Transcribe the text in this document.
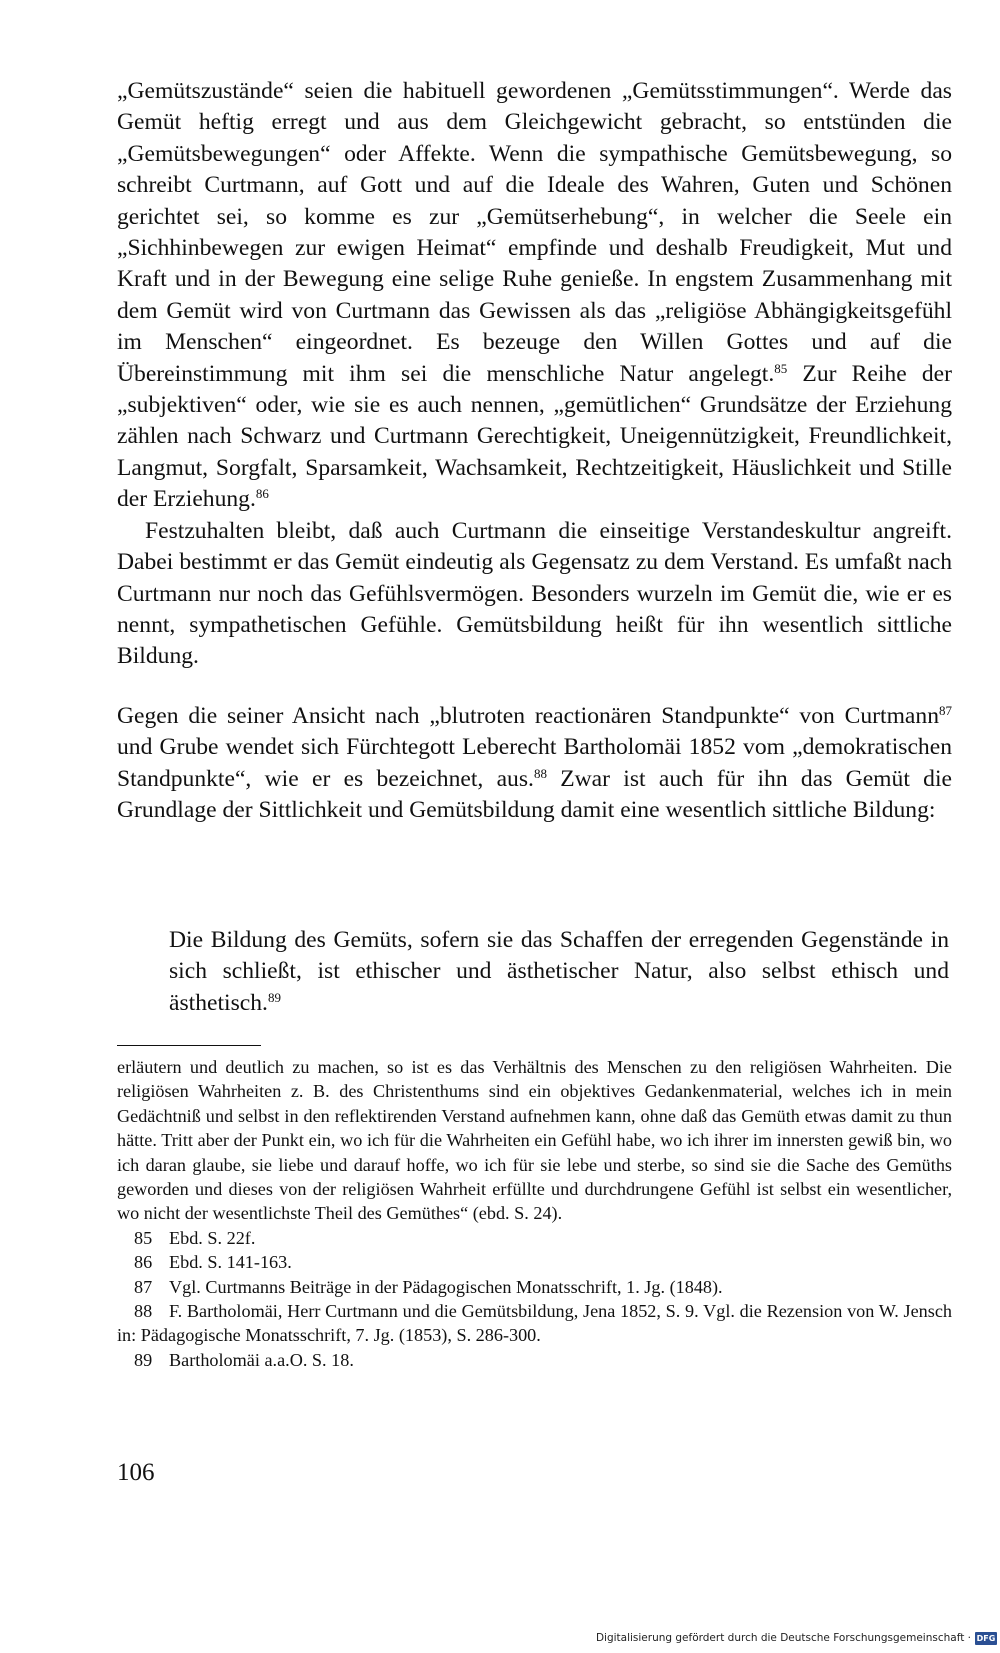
„Gemütszustände“ seien die habituell gewordenen „Gemütsstimmungen“. Werde das Gemüt heftig erregt und aus dem Gleichgewicht gebracht, so entstünden die „Gemütsbewegungen“ oder Affekte. Wenn die sympathische Gemütsbewegung, so schreibt Curtmann, auf Gott und auf die Ideale des Wahren, Guten und Schönen gerichtet sei, so komme es zur „Gemütserhebung“, in welcher die Seele ein „Sichhinbewegen zur ewigen Heimat“ empfinde und deshalb Freudigkeit, Mut und Kraft und in der Bewegung eine selige Ruhe genieße. In engstem Zusammenhang mit dem Gemüt wird von Curtmann das Gewissen als das „religiöse Abhängigkeitsgefühl im Menschen“ eingeordnet. Es bezeuge den Willen Gottes und auf die Übereinstimmung mit ihm sei die menschliche Natur angelegt.$^{85}$ Zur Reihe der „subjektiven“ oder, wie sie es auch nennen, „gemütlichen“ Grundsätze der Erziehung zählen nach Schwarz und Curtmann Gerechtigkeit, Uneigennützigkeit, Freundlichkeit, Langmut, Sorgfalt, Sparsamkeit, Wachsamkeit, Rechtzeitigkeit, Häuslichkeit und Stille der Erziehung.$^{86}$

Festzuhalten bleibt, daß auch Curtmann die einseitige Verstandeskultur angreift. Dabei bestimmt er das Gemüt eindeutig als Gegensatz zu dem Verstand. Es umfaßt nach Curtmann nur noch das Gefühlsvermögen. Besonders wurzeln im Gemüt die, wie er es nennt, sympathetischen Gefühle. Gemütsbildung heißt für ihn wesentlich sittliche Bildung.

Gegen die seiner Ansicht nach „blutroten reactionären Standpunkte“ von Curtmann$^{87}$ und Grube wendet sich Fürchtegott Leberecht Bartholomäi 1852 vom „demokratischen Standpunkte“, wie er es bezeichnet, aus.$^{88}$ Zwar ist auch für ihn das Gemüt die Grundlage der Sittlichkeit und Gemütsbildung damit eine wesentlich sittliche Bildung:

Die Bildung des Gemüts, sofern sie das Schaffen der erregenden Gegenstände in sich schließt, ist ethischer und ästhetischer Natur, also selbst ethisch und ästhetisch.$^{89}$

erläutern und deutlich zu machen, so ist es das Verhältnis des Menschen zu den religiösen Wahrheiten. Die religiösen Wahrheiten z. B. des Christenthums sind ein objektives Gedankenmaterial, welches ich in mein Gedächtniß und selbst in den reflektirenden Verstand aufnehmen kann, ohne daß das Gemüth etwas damit zu thun hätte. Tritt aber der Punkt ein, wo ich für die Wahrheiten ein Gefühl habe, wo ich ihrer im innersten gewiß bin, wo ich daran glaube, sie liebe und darauf hoffe, wo ich für sie lebe und sterbe, so sind sie die Sache des Gemüths geworden und dieses von der religiösen Wahrheit erfüllte und durchdrungene Gefühl ist selbst ein wesentlicher, wo nicht der wesentlichste Theil des Gemüthes“ (ebd. S. 24).

85 Ebd. S. 22f.

86 Ebd. S. 141-163.

87 Vgl. Curtmanns Beiträge in der Pädagogischen Monatsschrift, 1. Jg. (1848).

88 F. Bartholomäi, Herr Curtmann und die Gemütsbildung, Jena 1852, S. 9. Vgl. die Rezension von W. Jensch in: Pädagogische Monatsschrift, 7. Jg. (1853), S. 286-300.

89 Bartholomäi a.a.O. S. 18.

106
Digitalisierung gefördert durch die Deutsche Forschungsgemeinschaft · DFG
